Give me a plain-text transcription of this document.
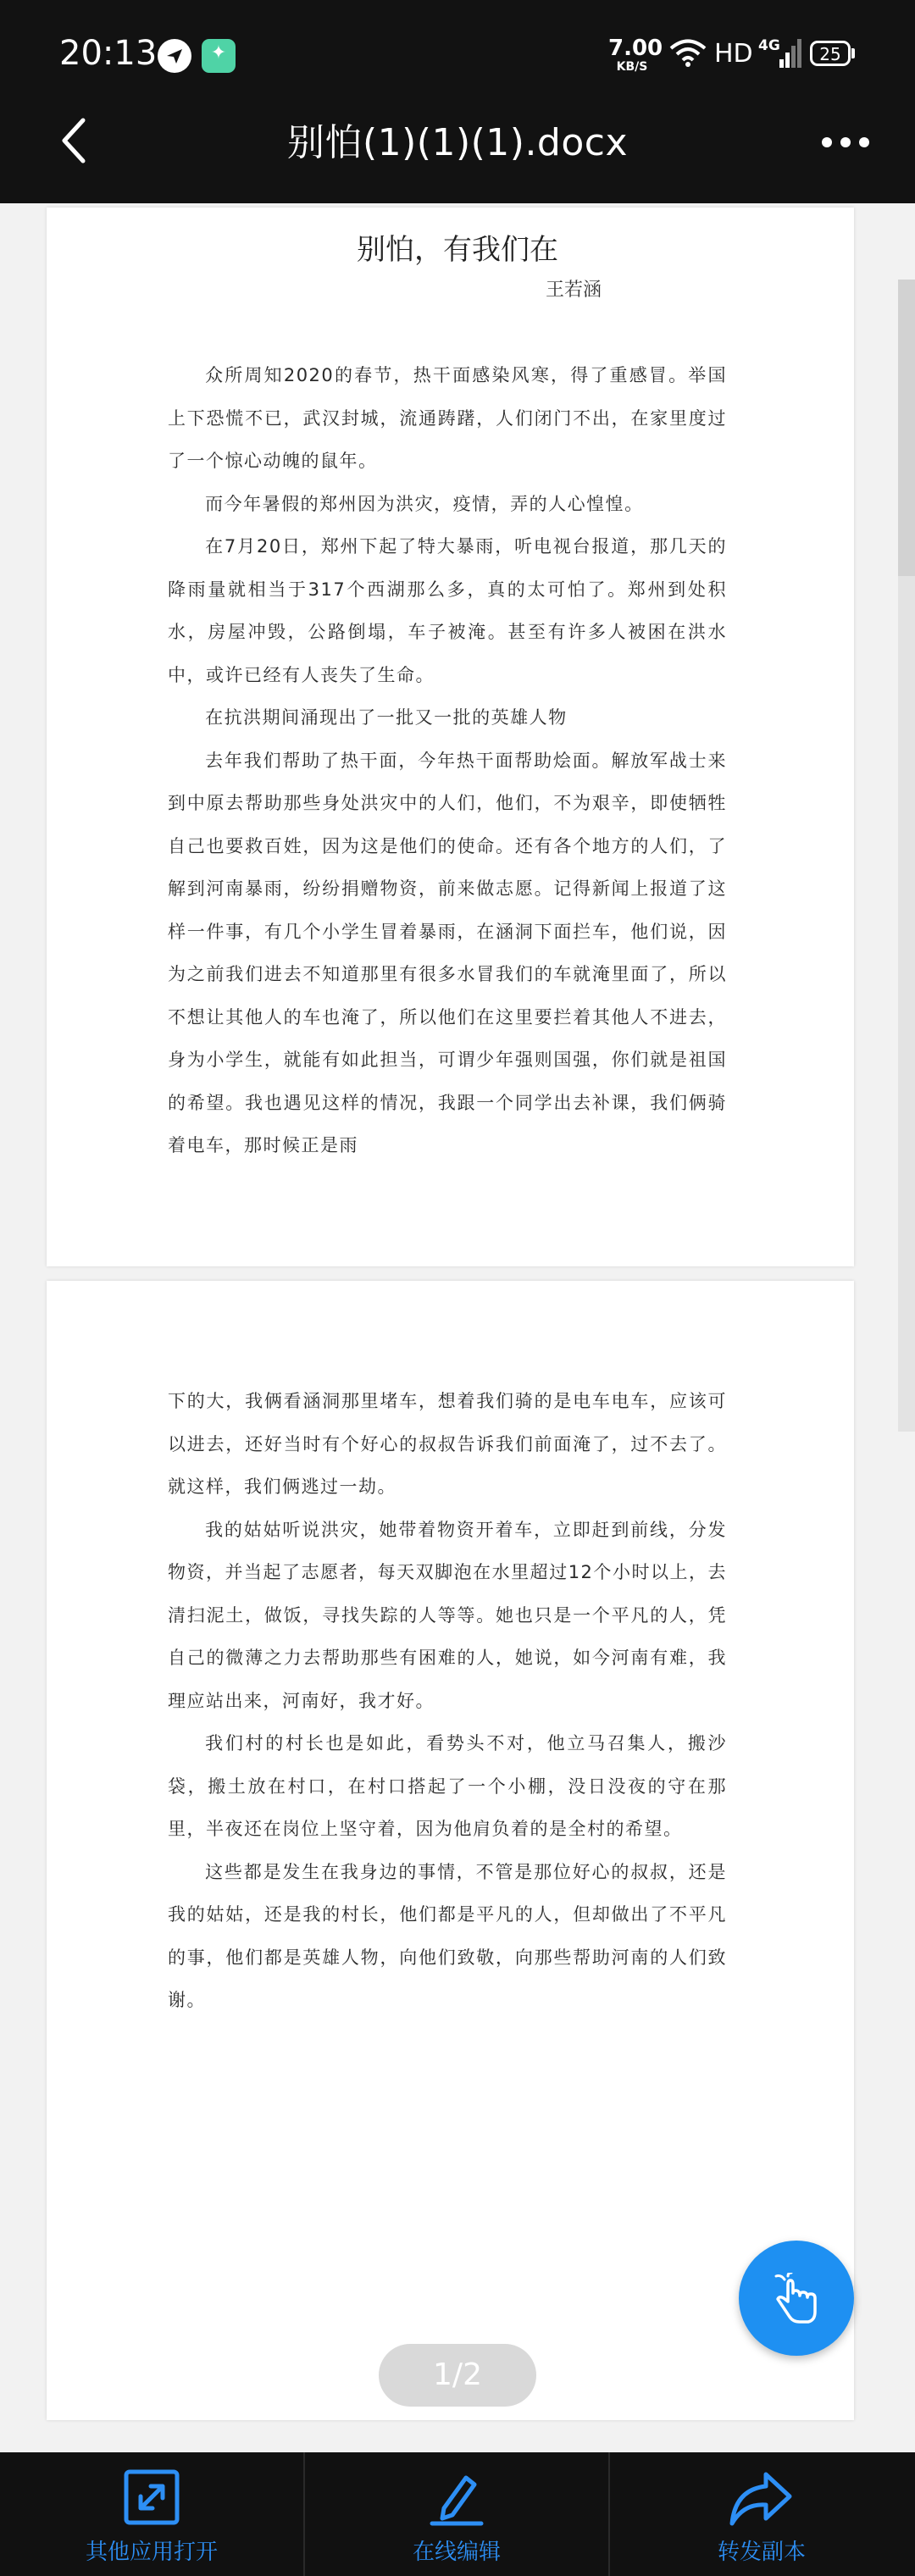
20:13	✦	7.00
KB/S	HD 4G	25
别怕(1)(1)(1).docx
别怕，有我们在
王若涵

众所周知2020的春节，热干面感染风寒，得了重感冒。举国上下恐慌不已，武汉封城，流通踌躇，人们闭门不出，在家里度过了一个惊心动魄的鼠年。

而今年暑假的郑州因为洪灾，疫情，弄的人心惶惶。

在7月20日，郑州下起了特大暴雨，听电视台报道，那几天的降雨量就相当于317个西湖那么多，真的太可怕了。郑州到处积水，房屋冲毁，公路倒塌，车子被淹。甚至有许多人被困在洪水中，或许已经有人丧失了生命。

在抗洪期间涌现出了一批又一批的英雄人物

去年我们帮助了热干面，今年热干面帮助烩面。解放军战士来到中原去帮助那些身处洪灾中的人们，他们，不为艰辛，即使牺牲自己也要救百姓，因为这是他们的使命。还有各个地方的人们，了解到河南暴雨，纷纷捐赠物资，前来做志愿。记得新闻上报道了这样一件事，有几个小学生冒着暴雨，在涵洞下面拦车，他们说，因为之前我们进去不知道那里有很多水冒我们的车就淹里面了，所以不想让其他人的车也淹了，所以他们在这里要拦着其他人不进去，身为小学生，就能有如此担当，可谓少年强则国强，你们就是祖国的希望。我也遇见这样的情况，我跟一个同学出去补课，我们俩骑着电车，那时候正是雨

下的大，我俩看涵洞那里堵车，想着我们骑的是电车电车，应该可以进去，还好当时有个好心的叔叔告诉我们前面淹了，过不去了。就这样，我们俩逃过一劫。

我的姑姑听说洪灾，她带着物资开着车，立即赶到前线，分发物资，并当起了志愿者，每天双脚泡在水里超过12个小时以上，去清扫泥土，做饭，寻找失踪的人等等。她也只是一个平凡的人，凭自己的微薄之力去帮助那些有困难的人，她说，如今河南有难，我理应站出来，河南好，我才好。

我们村的村长也是如此，看势头不对，他立马召集人，搬沙袋，搬土放在村口，在村口搭起了一个小棚，没日没夜的守在那里，半夜还在岗位上坚守着，因为他肩负着的是全村的希望。

这些都是发生在我身边的事情，不管是那位好心的叔叔，还是我的姑姑，还是我的村长，他们都是平凡的人，但却做出了不平凡的事，他们都是英雄人物，向他们致敬，向那些帮助河南的人们致谢。

1/2
其他应用打开	在线编辑	转发副本
